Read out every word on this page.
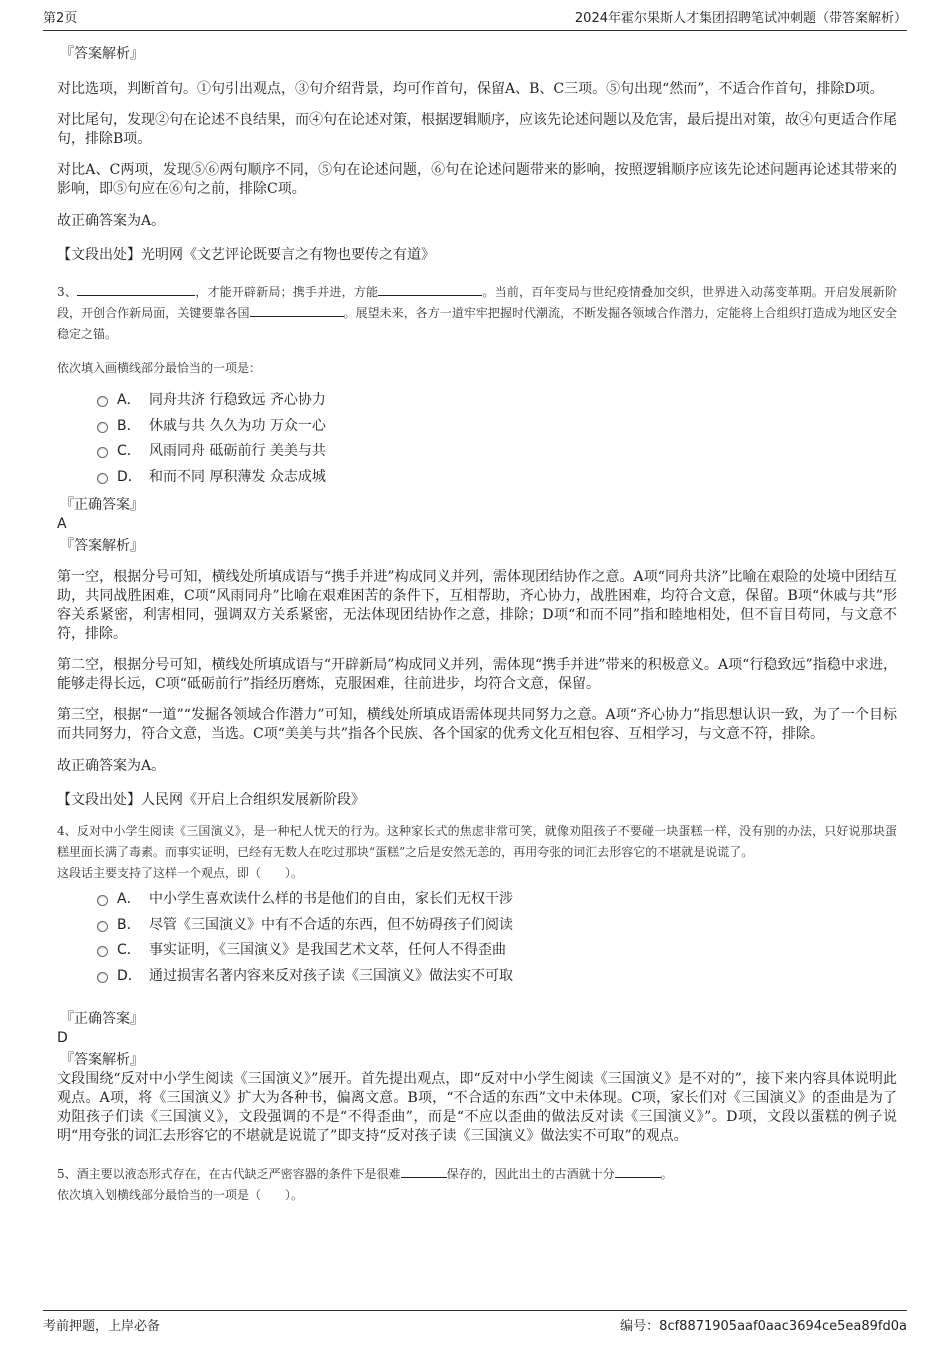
第2页	2024年霍尔果斯人才集团招聘笔试冲刺题（带答案解析）

『答案解析』

对比选项，判断首句。①句引出观点，③句介绍背景，均可作首句，保留A、B、C三项。⑤句出现“然而”，不适合作首句，排除D项。

对比尾句，发现②句在论述不良结果，而④句在论述对策，根据逻辑顺序，应该先论述问题以及危害，最后提出对策，故④句更适合作尾句，排除B项。

对比A、C两项，发现⑤⑥两句顺序不同，⑤句在论述问题，⑥句在论述问题带来的影响，按照逻辑顺序应该先论述问题再论述其带来的影响，即⑤句应在⑥句之前，排除C项。

故正确答案为A。

【文段出处】光明网《文艺评论既要言之有物也要传之有道》

3、	，才能开辟新局；携手并进，方能	。当前，百年变局与世纪疫情叠加交织，世界进入动荡变革期。开启发展新阶段，开创合作新局面，关键要靠各国	。展望未来，各方一道牢牢把握时代潮流，不断发掘各领域合作潜力，定能将上合组织打造成为地区安全稳定之锚。

依次填入画横线部分最恰当的一项是：

A． 同舟共济 行稳致远 齐心协力
B． 休戚与共 久久为功 万众一心
C． 风雨同舟 砥砺前行 美美与共
D． 和而不同 厚积薄发 众志成城

『正确答案』

A

『答案解析』

第一空，根据分号可知，横线处所填成语与“携手并进”构成同义并列，需体现团结协作之意。A项“同舟共济”比喻在艰险的处境中团结互助，共同战胜困难，C项“风雨同舟”比喻在艰难困苦的条件下，互相帮助，齐心协力，战胜困难，均符合文意，保留。B项“休戚与共”形容关系紧密，利害相同，强调双方关系紧密，无法体现团结协作之意，排除；D项“和而不同”指和睦地相处，但不盲目苟同，与文意不符，排除。

第二空，根据分号可知，横线处所填成语与“开辟新局”构成同义并列，需体现“携手并进”带来的积极意义。A项“行稳致远”指稳中求进，能够走得长远，C项“砥砺前行”指经历磨炼，克服困难，往前进步，均符合文意，保留。

第三空，根据“一道”“发掘各领域合作潜力”可知，横线处所填成语需体现共同努力之意。A项“齐心协力”指思想认识一致，为了一个目标而共同努力，符合文意，当选。C项“美美与共”指各个民族、各个国家的优秀文化互相包容、互相学习，与文意不符，排除。

故正确答案为A。

【文段出处】人民网《开启上合组织发展新阶段》

4、反对中小学生阅读《三国演义》，是一种杞人忧天的行为。这种家长式的焦虑非常可笑，就像劝阻孩子不要碰一块蛋糕一样，没有别的办法，只好说那块蛋糕里面长满了毒素。而事实证明，已经有无数人在吃过那块“蛋糕”之后是安然无恙的，再用夸张的词汇去形容它的不堪就是说谎了。

这段话主要支持了这样一个观点，即（　　）。

A． 中小学生喜欢读什么样的书是他们的自由，家长们无权干涉
B． 尽管《三国演义》中有不合适的东西，但不妨碍孩子们阅读
C． 事实证明，《三国演义》是我国艺术文萃，任何人不得歪曲
D． 通过损害名著内容来反对孩子读《三国演义》做法实不可取

『正确答案』

D

『答案解析』

文段围绕“反对中小学生阅读《三国演义》”展开。首先提出观点，即“反对中小学生阅读《三国演义》是不对的”，接下来内容具体说明此观点。A项，将《三国演义》扩大为各种书，偏离文意。B项，“不合适的东西”文中未体现。C项，家长们对《三国演义》的歪曲是为了劝阻孩子们读《三国演义》，文段强调的不是“不得歪曲”，而是“不应以歪曲的做法反对读《三国演义》”。D项，文段以蛋糕的例子说明“用夸张的词汇去形容它的不堪就是说谎了”即支持“反对孩子读《三国演义》做法实不可取”的观点。

5、酒主要以液态形式存在，在古代缺乏严密容器的条件下是很难	保存的，因此出土的古酒就十分	。

依次填入划横线部分最恰当的一项是（　　）。

考前押题，上岸必备	编号：8cf8871905aaf0aac3694ce5ea89fd0a
